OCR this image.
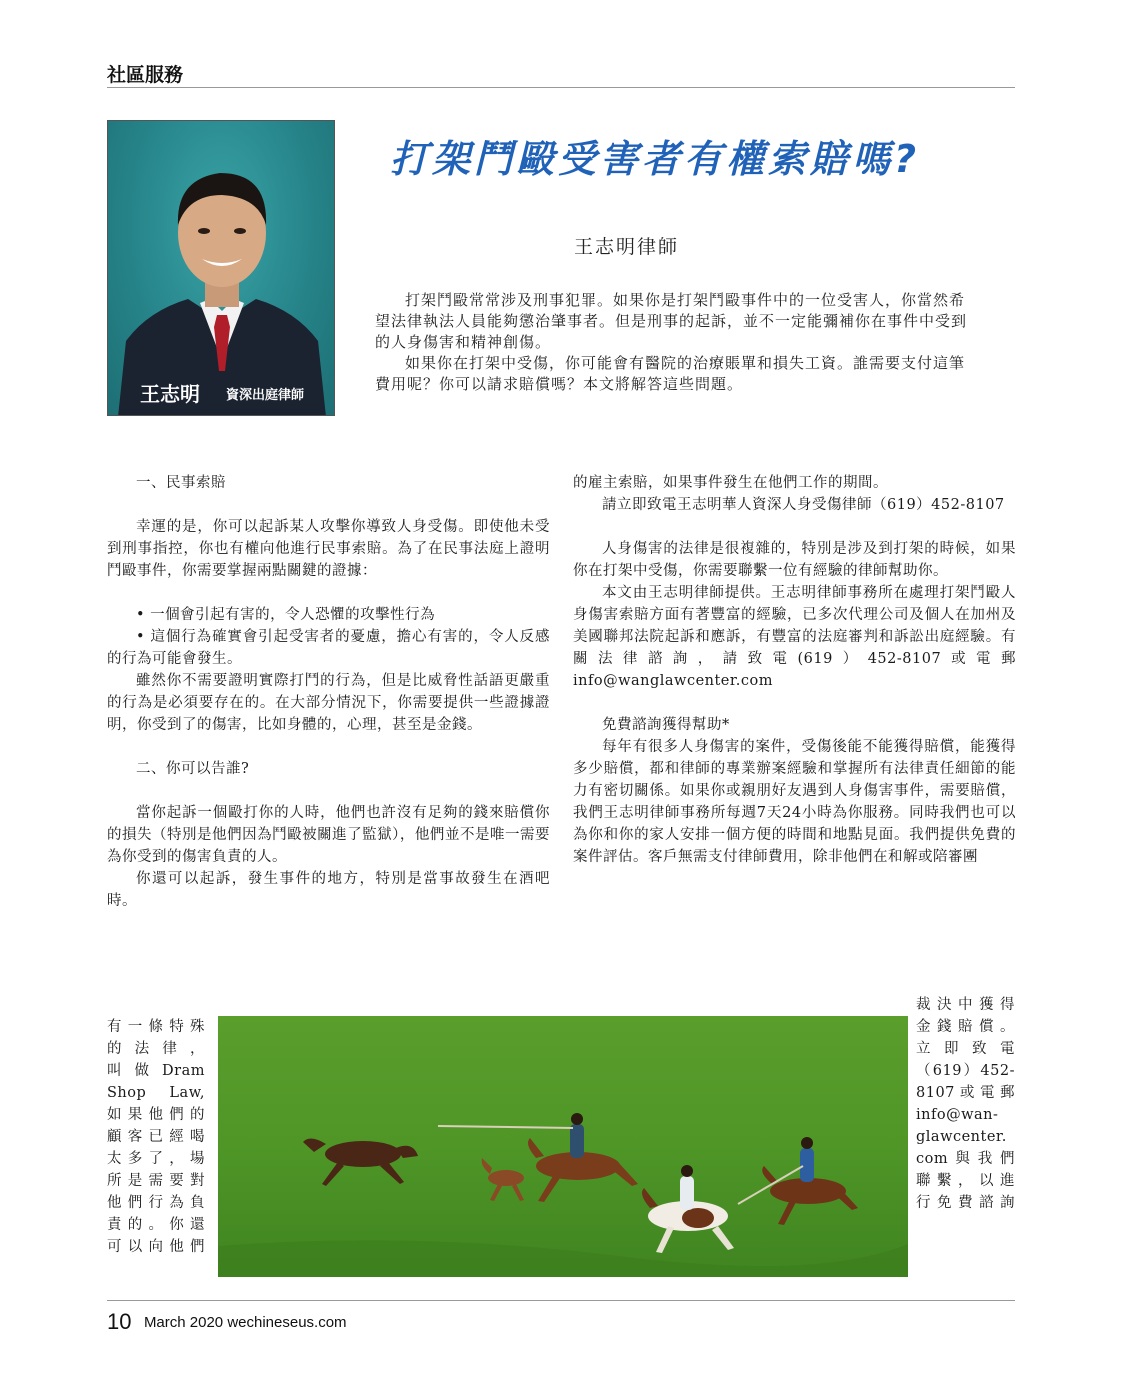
社區服務
王志明 資深出庭律師
打架鬥毆受害者有權索賠嗎?
王志明律師

打架鬥毆常常涉及刑事犯罪。如果你是打架鬥毆事件中的一位受害人，你當然希望法律執法人員能夠懲治肇事者。但是刑事的起訴，並不一定能彌補你在事件中受到的人身傷害和精神創傷。

如果你在打架中受傷，你可能會有醫院的治療賬單和損失工資。誰需要支付這筆費用呢？你可以請求賠償嗎？本文將解答這些問題。

一、民事索賠

幸運的是，你可以起訴某人攻擊你導致人身受傷。即使他未受到刑事指控，你也有權向他進行民事索賠。為了在民事法庭上證明鬥毆事件，你需要掌握兩點關鍵的證據：

• 一個會引起有害的，令人恐懼的攻擊性行為

• 這個行為確實會引起受害者的憂慮，擔心有害的，令人反感的行為可能會發生。

雖然你不需要證明實際打鬥的行為，但是比威脅性話語更嚴重的行為是必須要存在的。在大部分情況下，你需要提供一些證據證明，你受到了的傷害，比如身體的，心理，甚至是金錢。

二、你可以告誰?

當你起訴一個毆打你的人時，他們也許沒有足夠的錢來賠償你的損失（特別是他們因為鬥毆被關進了監獄），他們並不是唯一需要為你受到的傷害負責的人。

你還可以起訴，發生事件的地方，特別是當事故發生在酒吧時。

有一條特殊
的 法 律 ，
叫 做 Dram
Shop　Law,
如果他們的
顧客已經喝
太多了，場
所是需要對
他們行為負
責的。你還
可以向他們

的雇主索賠，如果事件發生在他們工作的期間。

請立即致電王志明華人資深人身受傷律師（619）452-8107

人身傷害的法律是很複雜的，特別是涉及到打架的時候，如果你在打架中受傷，你需要聯繫一位有經驗的律師幫助你。

本文由王志明律師提供。王志明律師事務所在處理打架鬥毆人身傷害索賠方面有著豐富的經驗，已多次代理公司及個人在加州及美國聯邦法院起訴和應訴，有豐富的法庭審判和訴訟出庭經驗。有關法律諮詢，請致電(619）452-8107或電郵info@wanglawcenter.com

免費諮詢獲得幫助*

每年有很多人身傷害的案件，受傷後能不能獲得賠償，能獲得多少賠償，都和律師的專業辦案經驗和掌握所有法律責任細節的能力有密切關係。如果你或親朋好友遇到人身傷害事件，需要賠償，我們王志明律師事務所每週7天24小時為你服務。同時我們也可以為你和你的家人安排一個方便的時間和地點見面。我們提供免費的案件評估。客戶無需支付律師費用，除非他們在和解或陪審團

裁決中獲得
金錢賠償。
立 即 致 電
（619）452-
8107或電郵
info@wan-
glawcenter.
com與我們
聯繫，以進
行免費諮詢
10 March 2020 wechineseus.com
